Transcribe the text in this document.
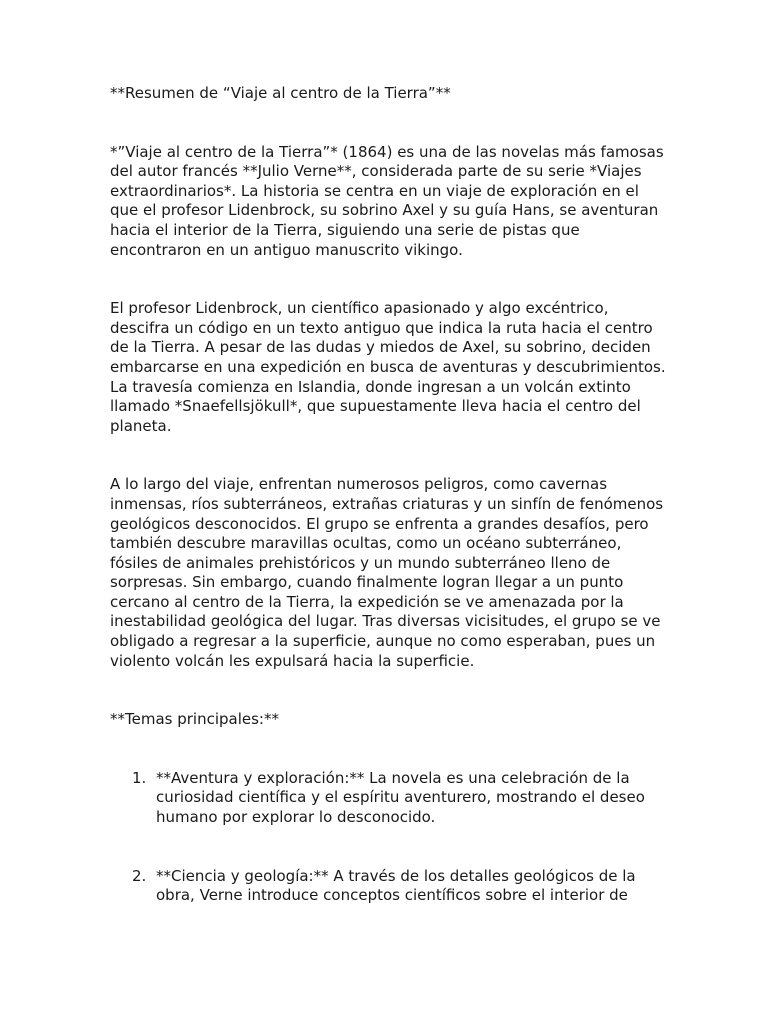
**Resumen de “Viaje al centro de la Tierra”**

*”Viaje al centro de la Tierra”* (1864) es una de las novelas más famosas del autor francés **Julio Verne**, considerada parte de su serie *Viajes extraordinarios*. La historia se centra en un viaje de exploración en el que el profesor Lidenbrock, su sobrino Axel y su guía Hans, se aventuran hacia el interior de la Tierra, siguiendo una serie de pistas que encontraron en un antiguo manuscrito vikingo.

El profesor Lidenbrock, un científico apasionado y algo excéntrico, descifra un código en un texto antiguo que indica la ruta hacia el centro de la Tierra. A pesar de las dudas y miedos de Axel, su sobrino, deciden embarcarse en una expedición en busca de aventuras y descubrimientos. La travesía comienza en Islandia, donde ingresan a un volcán extinto llamado *Snaefellsjökull*, que supuestamente lleva hacia el centro del planeta.

A lo largo del viaje, enfrentan numerosos peligros, como cavernas inmensas, ríos subterráneos, extrañas criaturas y un sinfín de fenómenos geológicos desconocidos. El grupo se enfrenta a grandes desafíos, pero también descubre maravillas ocultas, como un océano subterráneo, fósiles de animales prehistóricos y un mundo subterráneo lleno de sorpresas. Sin embargo, cuando finalmente logran llegar a un punto cercano al centro de la Tierra, la expedición se ve amenazada por la inestabilidad geológica del lugar. Tras diversas vicisitudes, el grupo se ve obligado a regresar a la superficie, aunque no como esperaban, pues un violento volcán les expulsará hacia la superficie.

**Temas principales:**

1. **Aventura y exploración:** La novela es una celebración de la curiosidad científica y el espíritu aventurero, mostrando el deseo humano por explorar lo desconocido.
2. **Ciencia y geología:** A través de los detalles geológicos de la obra, Verne introduce conceptos científicos sobre el interior de
